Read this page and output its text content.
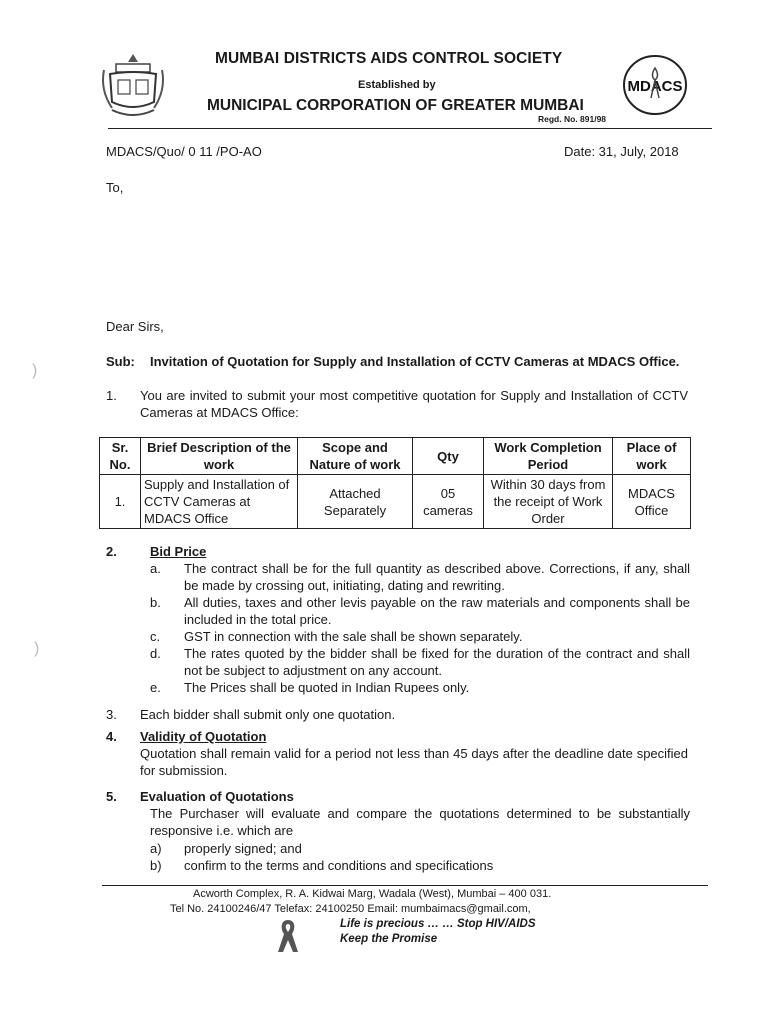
MUMBAI DISTRICTS AIDS CONTROL SOCIETY
Established by
MUNICIPAL CORPORATION OF GREATER MUMBAI
Regd. No. 891/98
MDACS
MDACS/Quo/ 0 11 /PO-AO	Date: 31, July, 2018
To,
Dear Sirs,
Sub: Invitation of Quotation for Supply and Installation of CCTV Cameras at MDACS Office.
)
)
1.	You are invited to submit your most competitive quotation for Supply and Installation of CCTV Cameras at MDACS Office:
Sr. No.	Brief Description of the work	Scope and Nature of work	Qty	Work Completion Period	Place of work
1.	Supply and Installation of CCTV Cameras at MDACS Office	Attached Separately	05 cameras	Within 30 days from the receipt of Work Order	MDACS Office
2.	Bid Price
a.	The contract shall be for the full quantity as described above. Corrections, if any, shall be made by crossing out, initiating, dating and rewriting.
b.	All duties, taxes and other levis payable on the raw materials and components shall be included in the total price.
c.	GST in connection with the sale shall be shown separately.
d.	The rates quoted by the bidder shall be fixed for the duration of the contract and shall not be subject to adjustment on any account.
e.	The Prices shall be quoted in Indian Rupees only.
3.	Each bidder shall submit only one quotation.
4.	Validity of Quotation
Quotation shall remain valid for a period not less than 45 days after the deadline date specified for submission.
5.	Evaluation of Quotations
The Purchaser will evaluate and compare the quotations determined to be substantially responsive i.e. which are
a)	properly signed; and
b)	confirm to the terms and conditions and specifications
Acworth Complex, R. A. Kidwai Marg, Wadala (West), Mumbai – 400 031.
Tel No. 24100246/47 Telefax: 24100250 Email: mumbaimacs@gmail.com,
Life is precious … … Stop HIV/AIDS
Keep the Promise
